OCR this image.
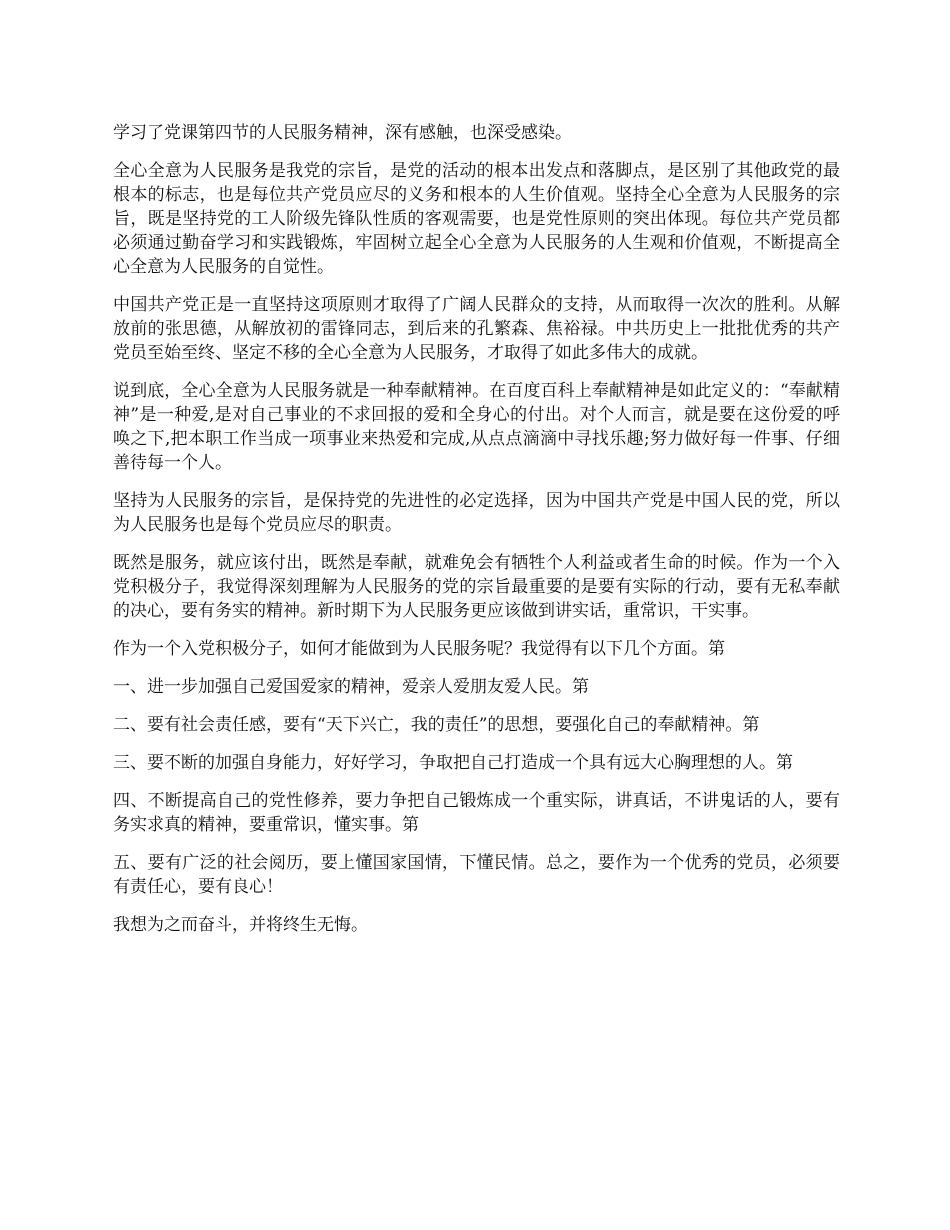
学习了党课第四节的人民服务精神，深有感触，也深受感染。

全心全意为人民服务是我党的宗旨，是党的活动的根本出发点和落脚点，是区别了其他政党的最根本的标志，也是每位共产党员应尽的义务和根本的人生价值观。坚持全心全意为人民服务的宗旨，既是坚持党的工人阶级先锋队性质的客观需要，也是党性原则的突出体现。每位共产党员都必须通过勤奋学习和实践锻炼，牢固树立起全心全意为人民服务的人生观和价值观，不断提高全心全意为人民服务的自觉性。

中国共产党正是一直坚持这项原则才取得了广阔人民群众的支持，从而取得一次次的胜利。从解放前的张思德，从解放初的雷锋同志，到后来的孔繁森、焦裕禄。中共历史上一批批优秀的共产党员至始至终、坚定不移的全心全意为人民服务，才取得了如此多伟大的成就。

说到底，全心全意为人民服务就是一种奉献精神。在百度百科上奉献精神是如此定义的：“奉献精神”是一种爱,是对自己事业的不求回报的爱和全身心的付出。对个人而言，就是要在这份爱的呼唤之下,把本职工作当成一项事业来热爱和完成,从点点滴滴中寻找乐趣;努力做好每一件事、仔细善待每一个人。

坚持为人民服务的宗旨，是保持党的先进性的必定选择，因为中国共产党是中国人民的党，所以为人民服务也是每个党员应尽的职责。

既然是服务，就应该付出，既然是奉献，就难免会有牺牲个人利益或者生命的时候。作为一个入党积极分子，我觉得深刻理解为人民服务的党的宗旨最重要的是要有实际的行动，要有无私奉献的决心，要有务实的精神。新时期下为人民服务更应该做到讲实话，重常识，干实事。

作为一个入党积极分子，如何才能做到为人民服务呢？我觉得有以下几个方面。第

一、进一步加强自己爱国爱家的精神，爱亲人爱朋友爱人民。第

二、要有社会责任感，要有“天下兴亡，我的责任”的思想，要强化自己的奉献精神。第

三、要不断的加强自身能力，好好学习，争取把自己打造成一个具有远大心胸理想的人。第

四、不断提高自己的党性修养，要力争把自己锻炼成一个重实际，讲真话，不讲鬼话的人，要有务实求真的精神，要重常识，懂实事。第

五、要有广泛的社会阅历，要上懂国家国情，下懂民情。总之，要作为一个优秀的党员，必须要有责任心，要有良心！

我想为之而奋斗，并将终生无悔。
